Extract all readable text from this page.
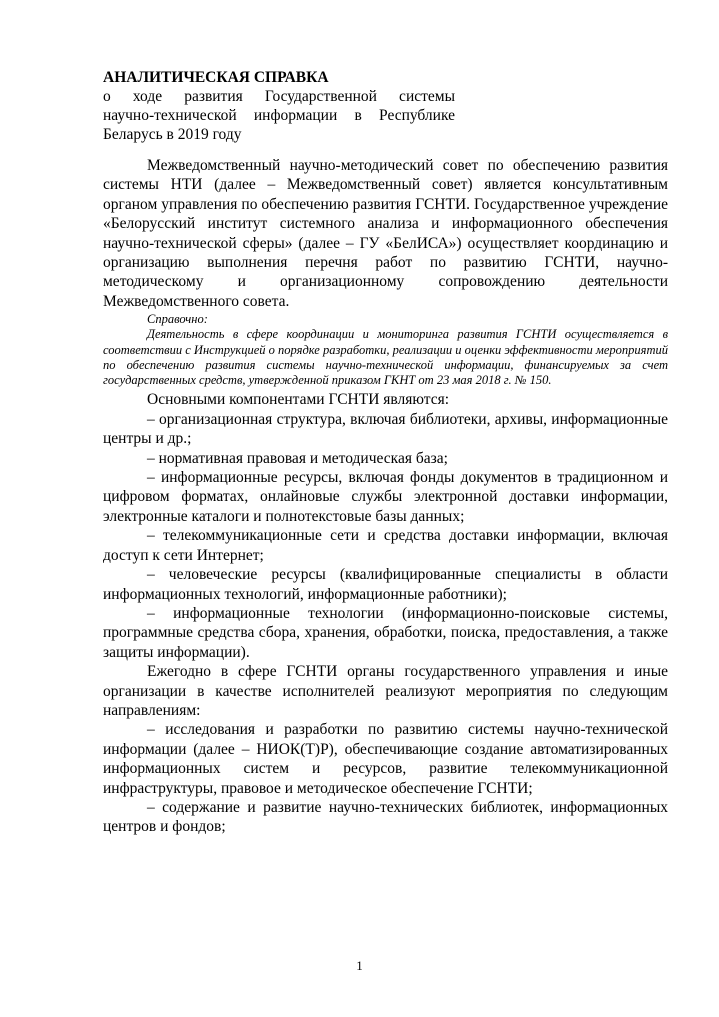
АНАЛИТИЧЕСКАЯ СПРАВКА
о ходе развития Государственной системы
научно-технической информации в Республике
Беларусь в 2019 году

Межведомственный научно-методический совет по обеспечению развития системы НТИ (далее – Межведомственный совет) является консультативным органом управления по обеспечению развития ГСНТИ. Государственное учреждение «Белорусский институт системного анализа и информационного обеспечения научно-технической сферы» (далее – ГУ «БелИСА») осуществляет координацию и организацию выполнения перечня работ по развитию ГСНТИ, научно-методическому и организационному сопровождению деятельности Межведомственного совета.

Справочно:

Деятельность в сфере координации и мониторинга развития ГСНТИ осуществляется в соответствии с Инструкцией о порядке разработки, реализации и оценки эффективности мероприятий по обеспечению развития системы научно-технической информации, финансируемых за счет государственных средств, утвержденной приказом ГКНТ от 23 мая 2018 г. № 150.

Основными компонентами ГСНТИ являются:

– организационная структура, включая библиотеки, архивы, информационные центры и др.;

– нормативная правовая и методическая база;

– информационные ресурсы, включая фонды документов в традиционном и цифровом форматах, онлайновые службы электронной доставки информации, электронные каталоги и полнотекстовые базы данных;

– телекоммуникационные сети и средства доставки информации, включая доступ к сети Интернет;

– человеческие ресурсы (квалифицированные специалисты в области информационных технологий, информационные работники);

– информационные технологии (информационно-поисковые системы, программные средства сбора, хранения, обработки, поиска, предоставления, а также защиты информации).

Ежегодно в сфере ГСНТИ органы государственного управления и иные организации в качестве исполнителей реализуют мероприятия по следующим направлениям:

– исследования и разработки по развитию системы научно-технической информации (далее – НИОК(Т)Р), обеспечивающие создание автоматизированных информационных систем и ресурсов, развитие телекоммуникационной инфраструктуры, правовое и методическое обеспечение ГСНТИ;

– содержание и развитие научно-технических библиотек, информационных центров и фондов;

1
